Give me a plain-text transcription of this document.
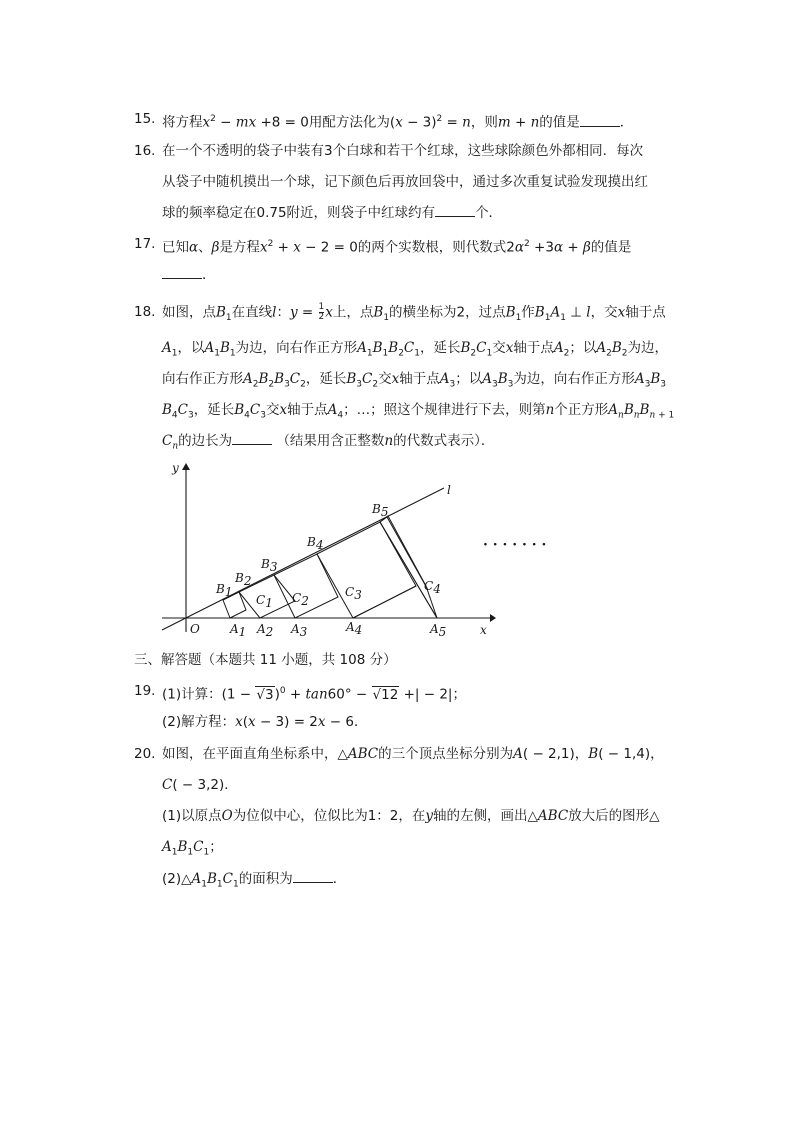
15. 将方程$x^2$ − mx +8 = 0用配方法化为$(x - 3)^2 = n$，则m + n的值是	．
16. 在一个不透明的袋子中装有3个白球和若干个红球，这些球除颜色外都相同．每次
从袋子中随机摸出一个球，记下颜色后再放回袋中，通过多次重复试验发现摸出红
球的频率稳定在0.75附近，则袋子中红球约有	个．
17. 已知α、β是方程$x^2 + x - 2 = 0$的两个实数根，则代数式$2\alpha^2 +3\alpha + \beta$的值是
．
18. 如图，点$B_1$在直线l：$y = \frac{1}{2}$ x上，点$B_1$的横坐标为2，过点$B_1$作$B_1A_1$ ⊥ l，交x轴于点
$A_1$，以$A_1B_1$为边，向右作正方形$A_1B_1B_2C_1$，延长$B_2C_1$交x轴于点$A_2$；以$A_2B_2$为边，
向右作正方形$A_2B_2B_3C_2$，延长$B_3C_2$交x轴于点$A_3$；以$A_3B_3$为边，向右作正方形$A_3B_3$
$B_4C_3$，延长$B_4C_3$交x轴于点$A_4$；…；照这个规律进行下去，则第n个正方形$A_nB_nB_{n + 1}$
$C_n$的边长为	（结果用含正整数n的代数式表示）．
x
y
O
l
B1
B2
B3
B4
B5
C1 C2
C3
C4
A1 A2 A3	A4	A5
· · · · · · ·
三、解答题（本题共 11 小题，共 108 分）
19. (1)计算：$(1 - √3)^0 + \tan 60^\circ - √12$ +| − 2|；
(2)解方程：x(x − 3) = 2x − 6．
20. 如图，在平面直角坐标系中，△ABC的三个顶点坐标分别为A( − 2,1)，B( − 1,4)，
C( − 3,2)．
(1)以原点O为位似中心，位似比为1：2，在y轴的左侧，画出△ABC放大后的图形△
$A_1B_1C_1$；
$(2)\triangle A_1B_1C_1$的面积为	．
